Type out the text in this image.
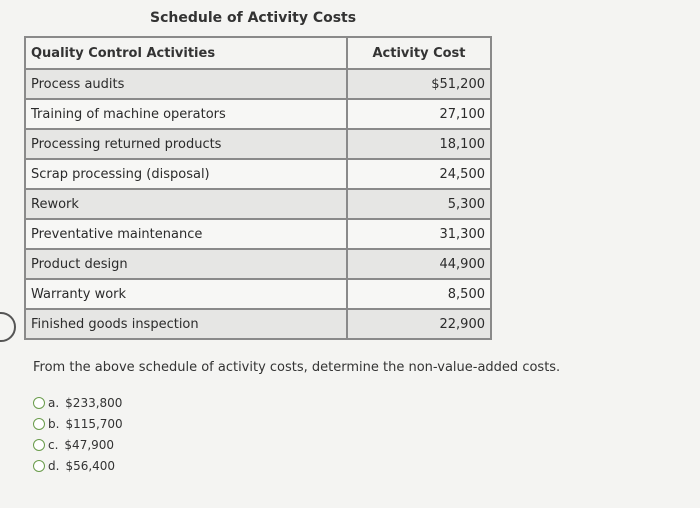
Schedule of Activity Costs
Quality Control Activities	Activity Cost
Process audits	$51,200
Training of machine operators	27,100
Processing returned products	18,100
Scrap processing (disposal)	24,500
Rework	5,300
Preventative maintenance	31,300
Product design	44,900
Warranty work	8,500
Finished goods inspection	22,900
From the above schedule of activity costs, determine the non-value-added costs.
a. $233,800
b. $115,700
c. $47,900
d. $56,400
